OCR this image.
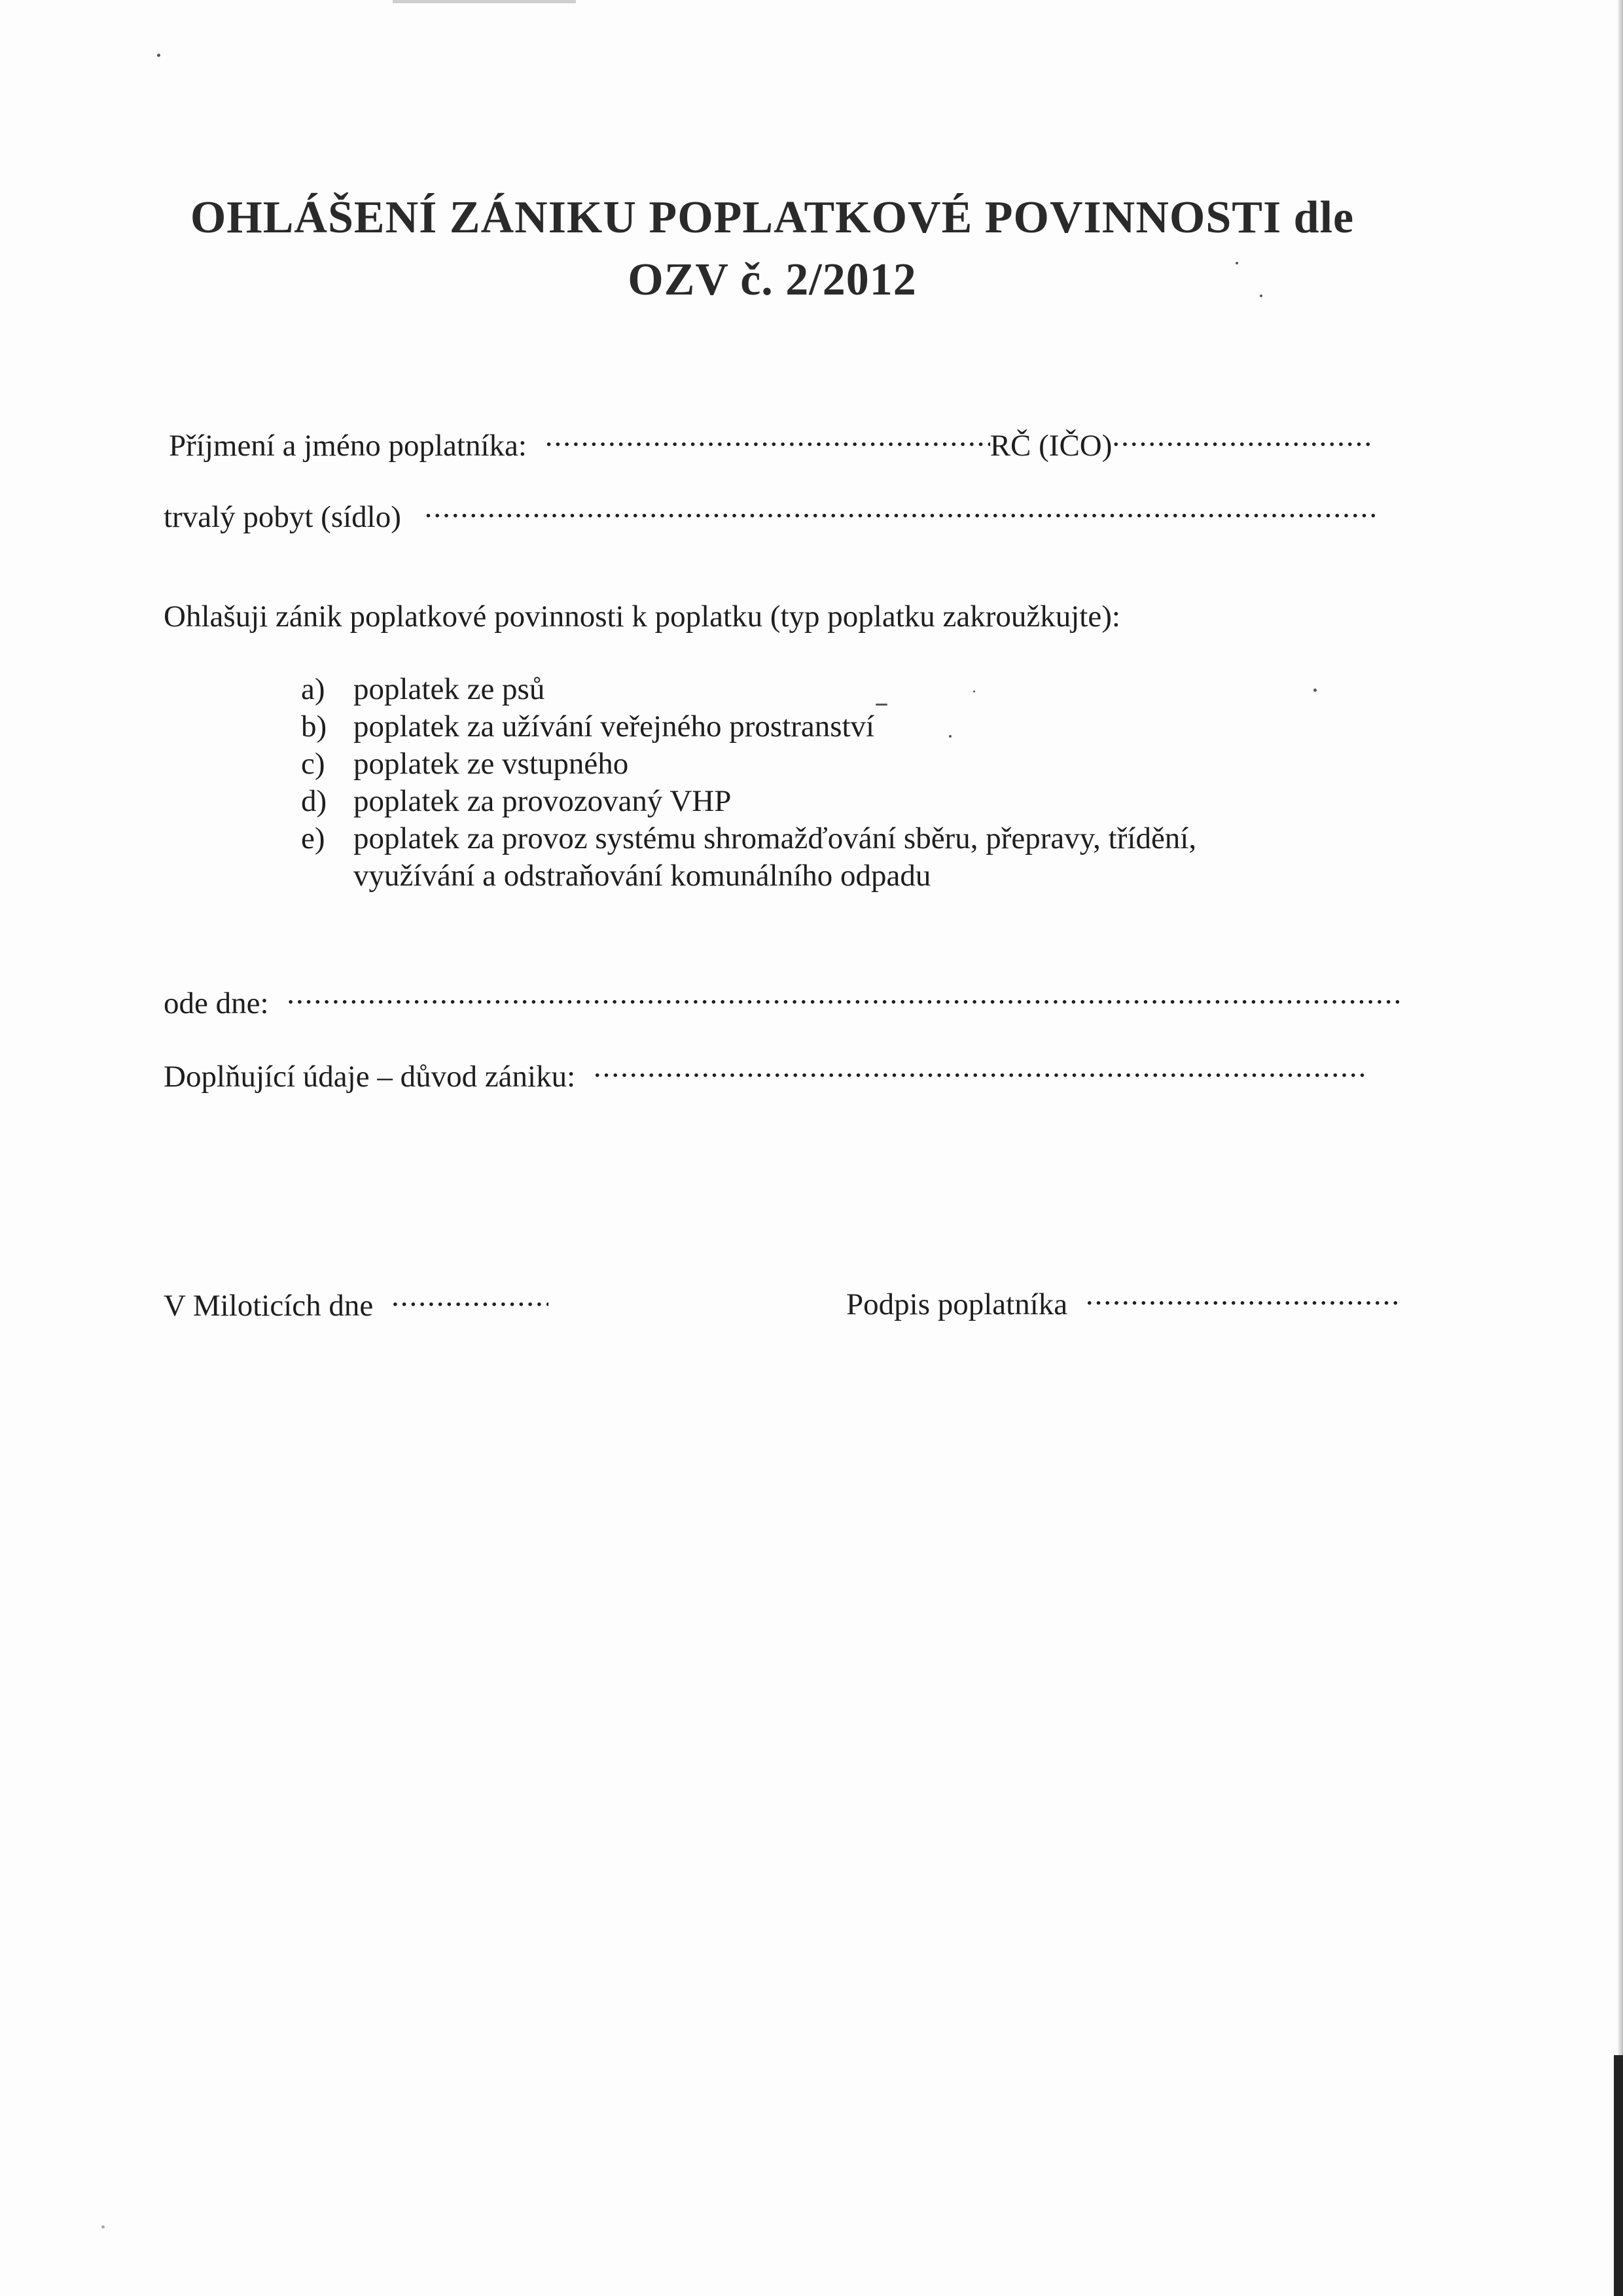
OHLÁŠENÍ ZÁNIKU POPLATKOVÉ POVINNOSTI dle
OZV č. 2/2012
Příjmení a jméno poplatníka: .....	RČ (IČO).....
trvalý pobyt (sídlo) .....
Ohlašuji zánik poplatkové povinnosti k poplatku (typ poplatku zakroužkujte):
a) poplatek ze psů
b) poplatek za užívání veřejného prostranství
c) poplatek ze vstupného
d) poplatek za provozovaný VHP
e) poplatek za provoz systému shromažďování sběru, přepravy, třídění, využívání a odstraňování komunálního odpadu
ode dne: .....
Doplňující údaje – důvod zániku: .....
V Miloticích dne .....	Podpis poplatníka .....
